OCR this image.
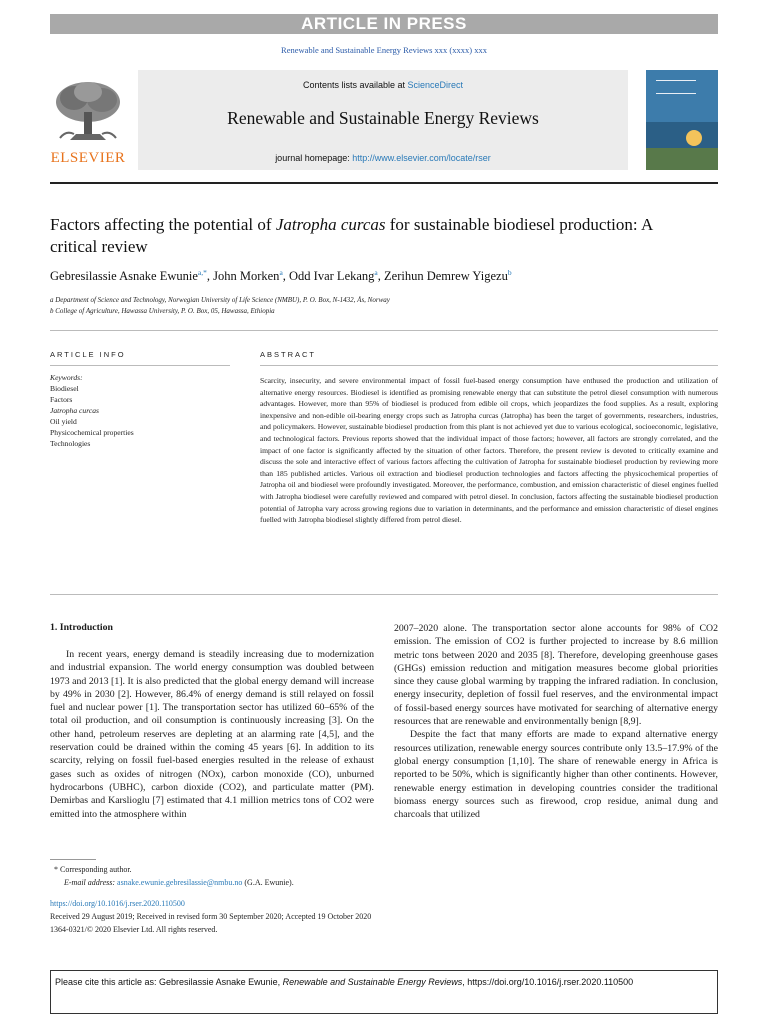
ARTICLE IN PRESS
Renewable and Sustainable Energy Reviews xxx (xxxx) xxx
ELSEVIER
Contents lists available at ScienceDirect
Renewable and Sustainable Energy Reviews
journal homepage: http://www.elsevier.com/locate/rser
Factors affecting the potential of Jatropha curcas for sustainable biodiesel production: A critical review
Gebresilassie Asnake Ewunie$^{a,*}$, John Morken$^a$, Odd Ivar Lekang$^a$, Zerihun Demrew Yigezu$^b$
a Department of Science and Technology, Norwegian University of Life Science (NMBU), P. O. Box, N-1432, Ås, Norway
b College of Agriculture, Hawassa University, P. O. Box, 05, Hawassa, Ethiopia
ARTICLE INFO	ABSTRACT
Keywords:
Biodiesel
Factors
Jatropha curcas
Oil yield
Physicochemical properties
Technologies
Scarcity, insecurity, and severe environmental impact of fossil fuel-based energy consumption have enthused the production and utilization of alternative energy resources. Biodiesel is identified as promising renewable energy that can substitute the petrol diesel consumption with numerous advantages. However, more than 95% of biodiesel is produced from edible oil crops, which jeopardizes the food supplies. As a result, exploring inexpensive and non-edible oil-bearing energy crops such as Jatropha curcas (Jatropha) has been the target of governments, researchers, industries, and policymakers. However, sustainable biodiesel production from this plant is not achieved yet due to various ecological, socioeconomic, legislative, and technological factors. Previous reports showed that the individual impact of those factors; however, all factors are strongly correlated, and the impact of one factor is significantly affected by the situation of other factors. Therefore, the present review is devoted to critically examine and discuss the sole and interactive effect of various factors affecting the cultivation of Jatropha for sustainable biodiesel production by reviewing more than 185 published articles. Various oil extraction and biodiesel production technologies and factors affecting the physicochemical properties of Jatropha oil and biodiesel were profoundly investigated. Moreover, the performance, combustion, and emission characteristic of diesel engines fuelled with Jatropha biodiesel were carefully reviewed and compared with petrol diesel. In conclusion, factors affecting the sustainable biodiesel production potential of Jatropha vary across growing regions due to variation in determinants, and the performance and emission characteristic of diesel engines fuelled with Jatropha biodiesel slightly differed from petrol diesel.
1. Introduction

In recent years, energy demand is steadily increasing due to modernization and industrial expansion. The world energy consumption was doubled between 1973 and 2013 [1]. It is also predicted that the global energy demand will increase by 49% in 2030 [2]. However, 86.4% of energy demand is still relayed on fossil fuel and nuclear power [1]. The transportation sector has utilized 60–65% of the total oil production, and oil consumption is continuously increasing [3]. On the other hand, petroleum reserves are depleting at an alarming rate [4,5], and the reservation could be drained within the coming 45 years [6]. In addition to its scarcity, relying on fossil fuel-based energies resulted in the release of exhaust gases such as oxides of nitrogen (NOx), carbon monoxide (CO), unburned hydrocarbons (UBHC), carbon dioxide (CO2), and particulate matter (PM). Demirbas and Karslioglu [7] estimated that 4.1 million metrics tons of CO2 were emitted into the atmosphere within

2007–2020 alone. The transportation sector alone accounts for 98% of CO2 emission. The emission of CO2 is further projected to increase by 8.6 million metric tons between 2020 and 2035 [8]. Therefore, developing greenhouse gases (GHGs) emission reduction and mitigation measures become global priorities since they cause global warming by trapping the infrared radiation. In conclusion, energy insecurity, depletion of fossil fuel reserves, and the environmental impact of fossil-based energy sources have motivated for searching of alternative energy resources that are renewable and environmentally benign [8,9].

Despite the fact that many efforts are made to expand alternative energy resources utilization, renewable energy sources contribute only 13.5–17.9% of the global energy consumption [1,10]. The share of renewable energy in Africa is reported to be 50%, which is significantly higher than other continents. However, renewable energy estimation in developing countries consider the traditional biomass energy sources such as firewood, crop residue, animal dung and charcoals that utilized

* Corresponding author.
E-mail address: asnake.ewunie.gebresilassie@nmbu.no (G.A. Ewunie).
https://doi.org/10.1016/j.rser.2020.110500
Received 29 August 2019; Received in revised form 30 September 2020; Accepted 19 October 2020
1364-0321/© 2020 Elsevier Ltd. All rights reserved.
Please cite this article as: Gebresilassie Asnake Ewunie, Renewable and Sustainable Energy Reviews, https://doi.org/10.1016/j.rser.2020.110500
